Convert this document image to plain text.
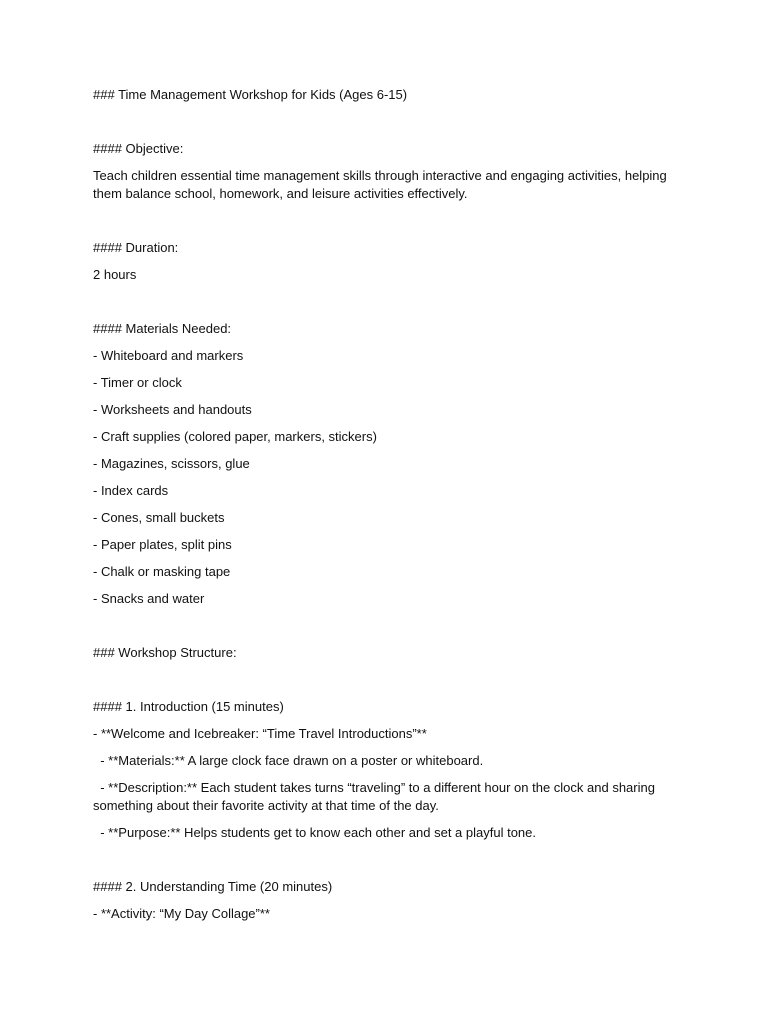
### Time Management Workshop for Kids (Ages 6-15)
#### Objective:
Teach children essential time management skills through interactive and engaging activities, helping them balance school, homework, and leisure activities effectively.
#### Duration:
2 hours
#### Materials Needed:
- Whiteboard and markers
- Timer or clock
- Worksheets and handouts
- Craft supplies (colored paper, markers, stickers)
- Magazines, scissors, glue
- Index cards
- Cones, small buckets
- Paper plates, split pins
- Chalk or masking tape
- Snacks and water
### Workshop Structure:
#### 1. Introduction (15 minutes)
- **Welcome and Icebreaker: “Time Travel Introductions”**
- **Materials:** A large clock face drawn on a poster or whiteboard.
- **Description:** Each student takes turns “traveling” to a different hour on the clock and sharing something about their favorite activity at that time of the day.
- **Purpose:** Helps students get to know each other and set a playful tone.
#### 2. Understanding Time (20 minutes)
- **Activity: “My Day Collage”**
